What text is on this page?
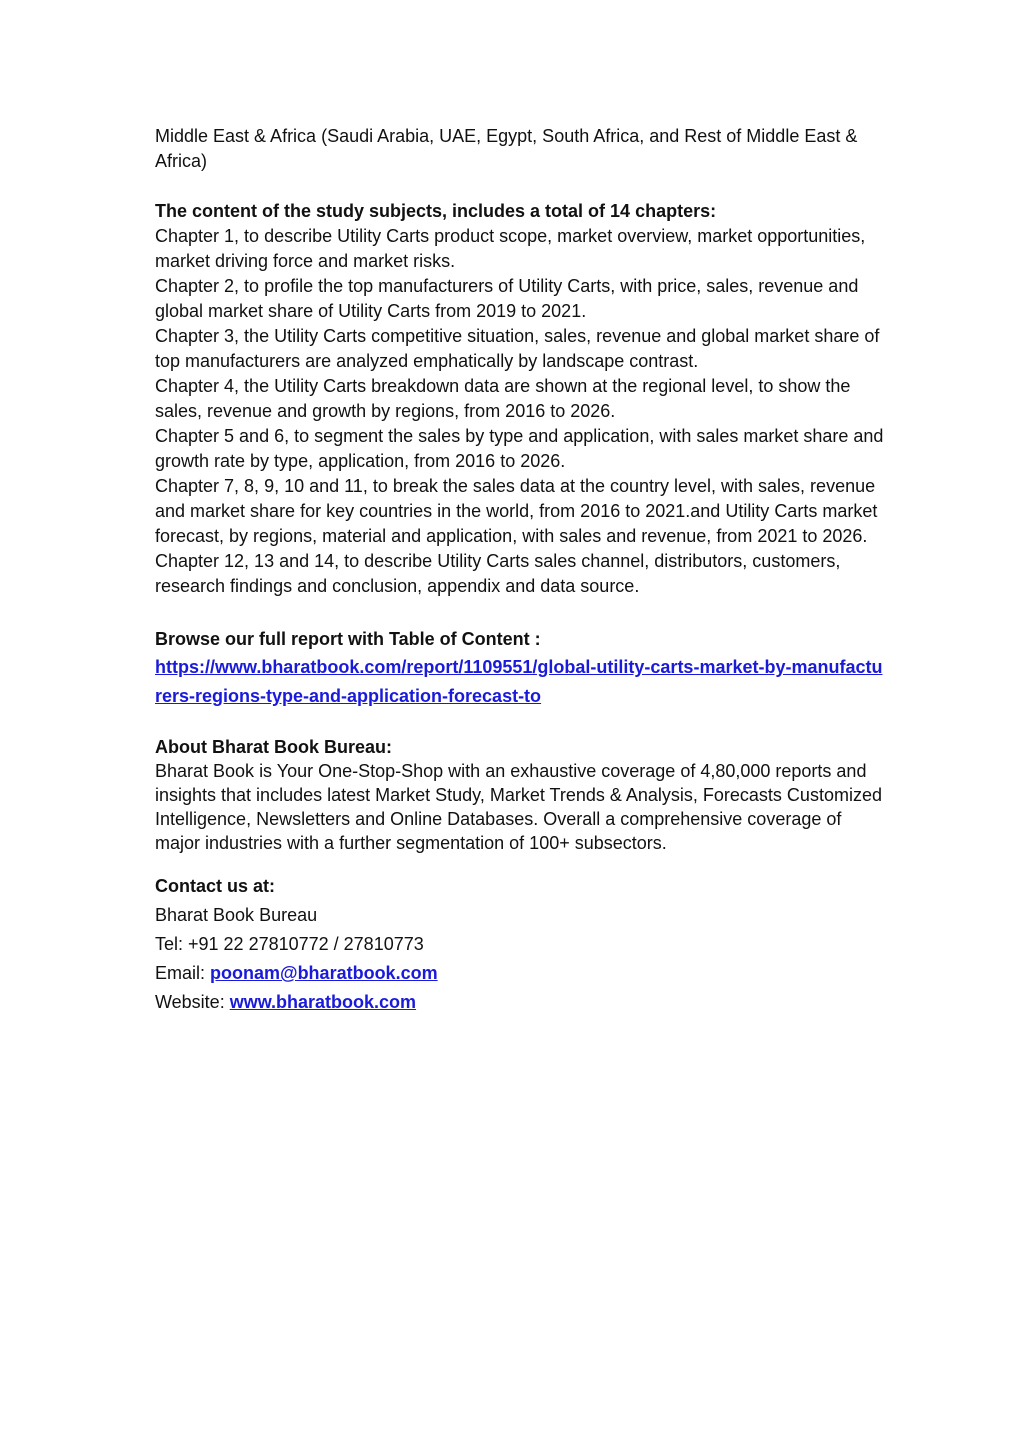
Middle East & Africa (Saudi Arabia, UAE, Egypt, South Africa, and Rest of Middle East & Africa)

The content of the study subjects, includes a total of 14 chapters:
Chapter 1, to describe Utility Carts product scope, market overview, market opportunities, market driving force and market risks.
Chapter 2, to profile the top manufacturers of Utility Carts, with price, sales, revenue and global market share of Utility Carts from 2019 to 2021.
Chapter 3, the Utility Carts competitive situation, sales, revenue and global market share of top manufacturers are analyzed emphatically by landscape contrast.
Chapter 4, the Utility Carts breakdown data are shown at the regional level, to show the sales, revenue and growth by regions, from 2016 to 2026.
Chapter 5 and 6, to segment the sales by type and application, with sales market share and growth rate by type, application, from 2016 to 2026.
Chapter 7, 8, 9, 10 and 11, to break the sales data at the country level, with sales, revenue and market share for key countries in the world, from 2016 to 2021.and Utility Carts market forecast, by regions, material and application, with sales and revenue, from 2021 to 2026.
Chapter 12, 13 and 14, to describe Utility Carts sales channel, distributors, customers, research findings and conclusion, appendix and data source.
Browse our full report with Table of Content :
https://www.bharatbook.com/report/1109551/global-utility-carts-market-by-manufacturers-regions-type-and-application-forecast-to
About Bharat Book Bureau:

Bharat Book is Your One-Stop-Shop with an exhaustive coverage of 4,80,000 reports and insights that includes latest Market Study, Market Trends & Analysis, Forecasts Customized Intelligence, Newsletters and Online Databases. Overall a comprehensive coverage of major industries with a further segmentation of 100+ subsectors.

Contact us at:
Bharat Book Bureau
Tel: +91 22 27810772 / 27810773
Email: poonam@bharatbook.com
Website: www.bharatbook.com
